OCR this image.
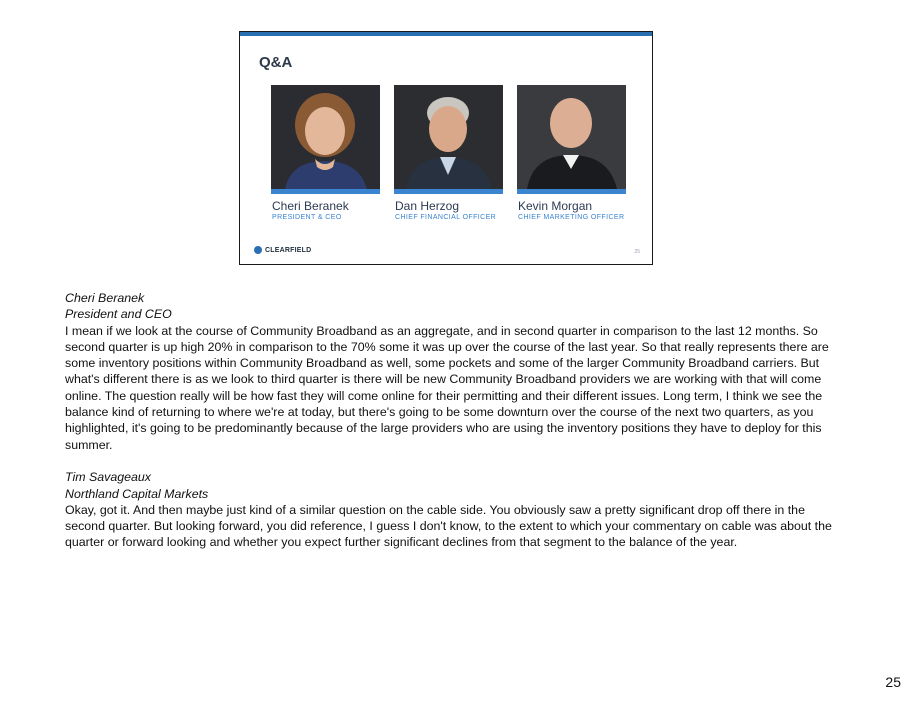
Q&A
Cheri Beranek
PRESIDENT & CEO
Dan Herzog
CHIEF FINANCIAL OFFICER
Kevin Morgan
CHIEF MARKETING OFFICER
CLEARFIELD	25
Cheri Beranek
President and CEO
I mean if we look at the course of Community Broadband as an aggregate, and in second quarter in comparison to the last 12 months. So second quarter is up high 20% in comparison to the 70% some it was up over the course of the last year. So that really represents there are some inventory positions within Community Broadband as well, some pockets and some of the larger Community Broadband carriers. But what's different there is as we look to third quarter is there will be new Community Broadband providers we are working with that will come online. The question really will be how fast they will come online for their permitting and their different issues. Long term, I think we see the balance kind of returning to where we're at today, but there's going to be some downturn over the course of the next two quarters, as you highlighted, it's going to be predominantly because of the large providers who are using the inventory positions they have to deploy for this summer.
Tim Savageaux
Northland Capital Markets
Okay, got it. And then maybe just kind of a similar question on the cable side. You obviously saw a pretty significant drop off there in the second quarter. But looking forward, you did reference, I guess I don't know, to the extent to which your commentary on cable was about the quarter or forward looking and whether you expect further significant declines from that segment to the balance of the year.
25
